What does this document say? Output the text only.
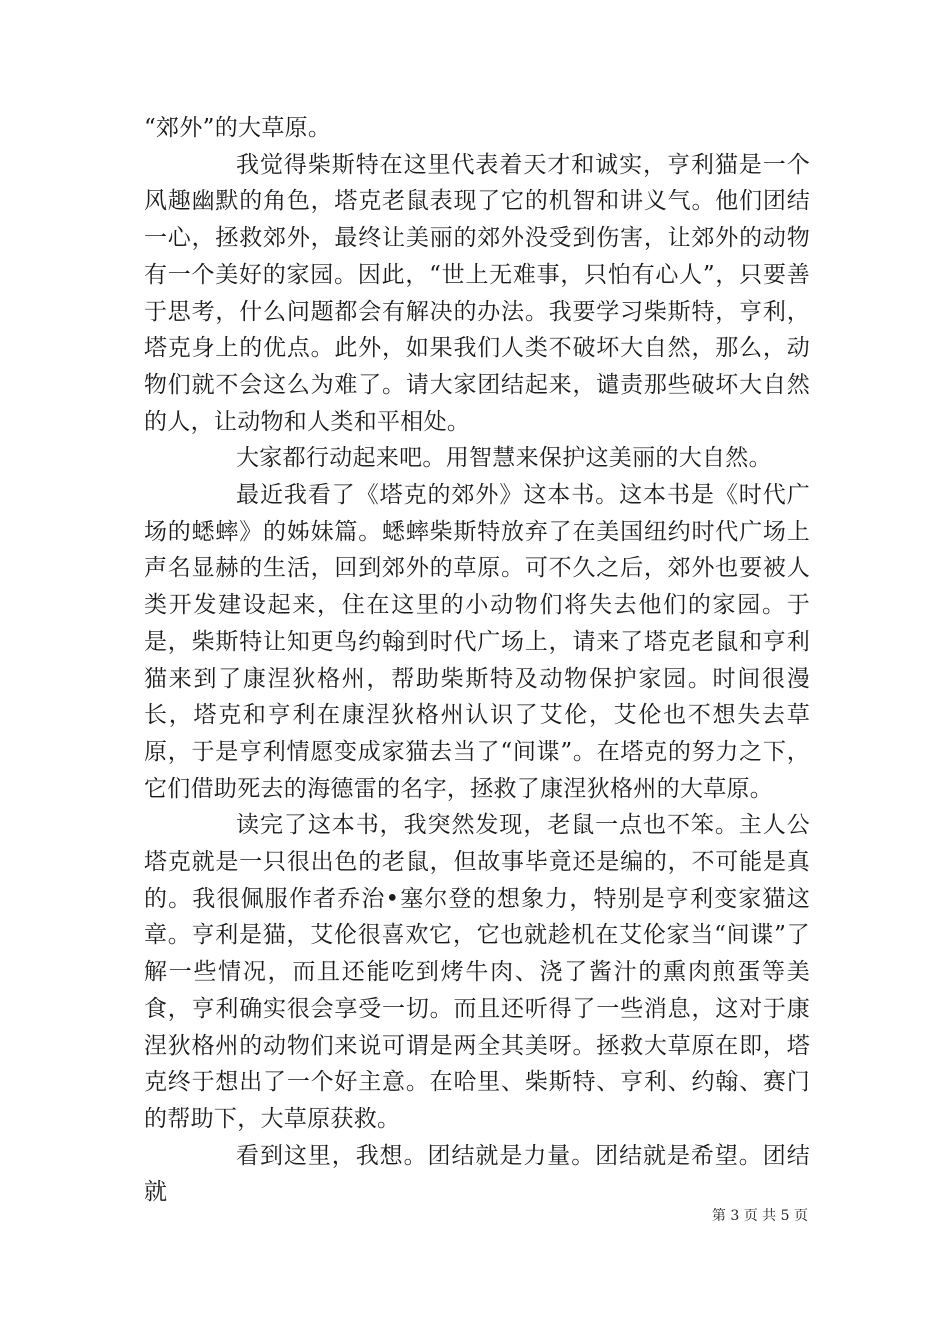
“郊外”的大草原。

我觉得柴斯特在这里代表着天才和诚实，亨利猫是一个风趣幽默的角色，塔克老鼠表现了它的机智和讲义气。他们团结一心，拯救郊外，最终让美丽的郊外没受到伤害，让郊外的动物有一个美好的家园。因此，“世上无难事，只怕有心人”，只要善于思考，什么问题都会有解决的办法。我要学习柴斯特，亨利，塔克身上的优点。此外，如果我们人类不破坏大自然，那么，动物们就不会这么为难了。请大家团结起来，谴责那些破坏大自然的人，让动物和人类和平相处。

大家都行动起来吧。用智慧来保护这美丽的大自然。

最近我看了《塔克的郊外》这本书。这本书是《时代广场的蟋蟀》的姊妹篇。蟋蟀柴斯特放弃了在美国纽约时代广场上声名显赫的生活，回到郊外的草原。可不久之后，郊外也要被人类开发建设起来，住在这里的小动物们将失去他们的家园。于是，柴斯特让知更鸟约翰到时代广场上，请来了塔克老鼠和亨利猫来到了康涅狄格州，帮助柴斯特及动物保护家园。时间很漫长，塔克和亨利在康涅狄格州认识了艾伦，艾伦也不想失去草原，于是亨利情愿变成家猫去当了“间谍”。在塔克的努力之下，它们借助死去的海德雷的名字，拯救了康涅狄格州的大草原。

读完了这本书，我突然发现，老鼠一点也不笨。主人公塔克就是一只很出色的老鼠，但故事毕竟还是编的，不可能是真的。我很佩服作者乔治•塞尔登的想象力，特别是亨利变家猫这章。亨利是猫，艾伦很喜欢它，它也就趁机在艾伦家当“间谍”了解一些情况，而且还能吃到烤牛肉、浇了酱汁的熏肉煎蛋等美食，亨利确实很会享受一切。而且还听得了一些消息，这对于康涅狄格州的动物们来说可谓是两全其美呀。拯救大草原在即，塔克终于想出了一个好主意。在哈里、柴斯特、亨利、约翰、赛门的帮助下，大草原获救。

看到这里，我想。团结就是力量。团结就是希望。团结就

第 3 页 共 5 页
